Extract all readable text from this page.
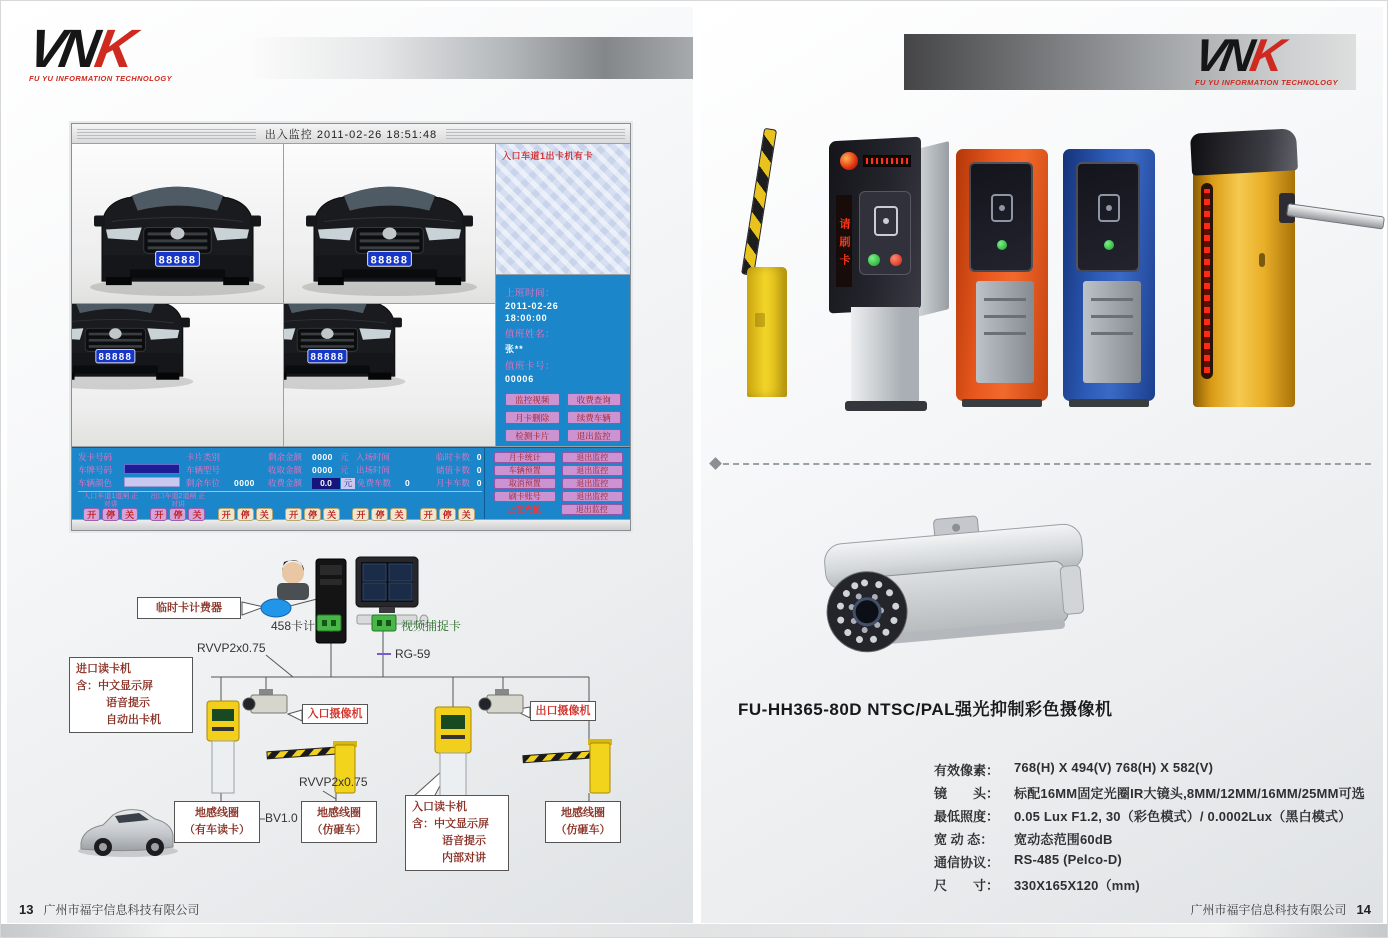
VNK
FU YU INFORMATION TECHNOLOGY
出入监控 2011-02-26 18:51:48
入口车道1出卡机有卡
上班时间：
2011-02-26
18:00:00
值班姓名：
张**
值班卡号：
00006
监控视频	收费查询
月卡删除	续费车辆
检测卡片	退出监控
发卡号码	卡片类别	剩余金额	0000 元 入场时间	临时卡数 0
车牌号码	车辆型号	收取金额	0000 元 出场时间	储值卡数 0
车辆颜色	剩余车位	0000	收费金额	0.0	元 免费车数	0	月卡车数 0
入口车道1道闸 正
对讲
开	停	关
出口车道2道闸 正
对讲
开	停	关	开	停	关	开	停	关	开	停	关	开	停	关
月卡统计	退出监控
车辆预置	退出监控
取消预置	退出监控
刷卡账号	退出监控
正在充值	退出监控
临时卡计费器
458卡计	视频捕捉卡
RVVP2x0.75	RG-59
进口读卡机
含：中文显示屏
语音提示
自动出卡机
入口摄像机	出口摄像机
RVVP2x0.75
地感线圈
（有车读卡）
BV1.0	地感线圈
（仿砸车）
入口读卡机
含：中文显示屏
语音提示
内部对讲
地感线圈
（仿砸车）
13 广州市福宇信息科技有限公司
VNK
FU YU INFORMATION TECHNOLOGY
请刷卡
FU-HH365-80D NTSC/PAL强光抑制彩色摄像机
有效像素：	768(H) X 494(V) 768(H) X 582(V)
镜　　头：	标配16MM固定光圈IR大镜头,8MM/12MM/16MM/25MM可选
最低照度：	0.05 Lux F1.2, 30（彩色模式）/ 0.0002Lux（黑白模式）
宽 动 态：	宽动态范围60dB
通信协议：	RS-485 (Pelco-D)
尺　　寸：	330X165X120（mm)
广州市福宇信息科技有限公司 14
